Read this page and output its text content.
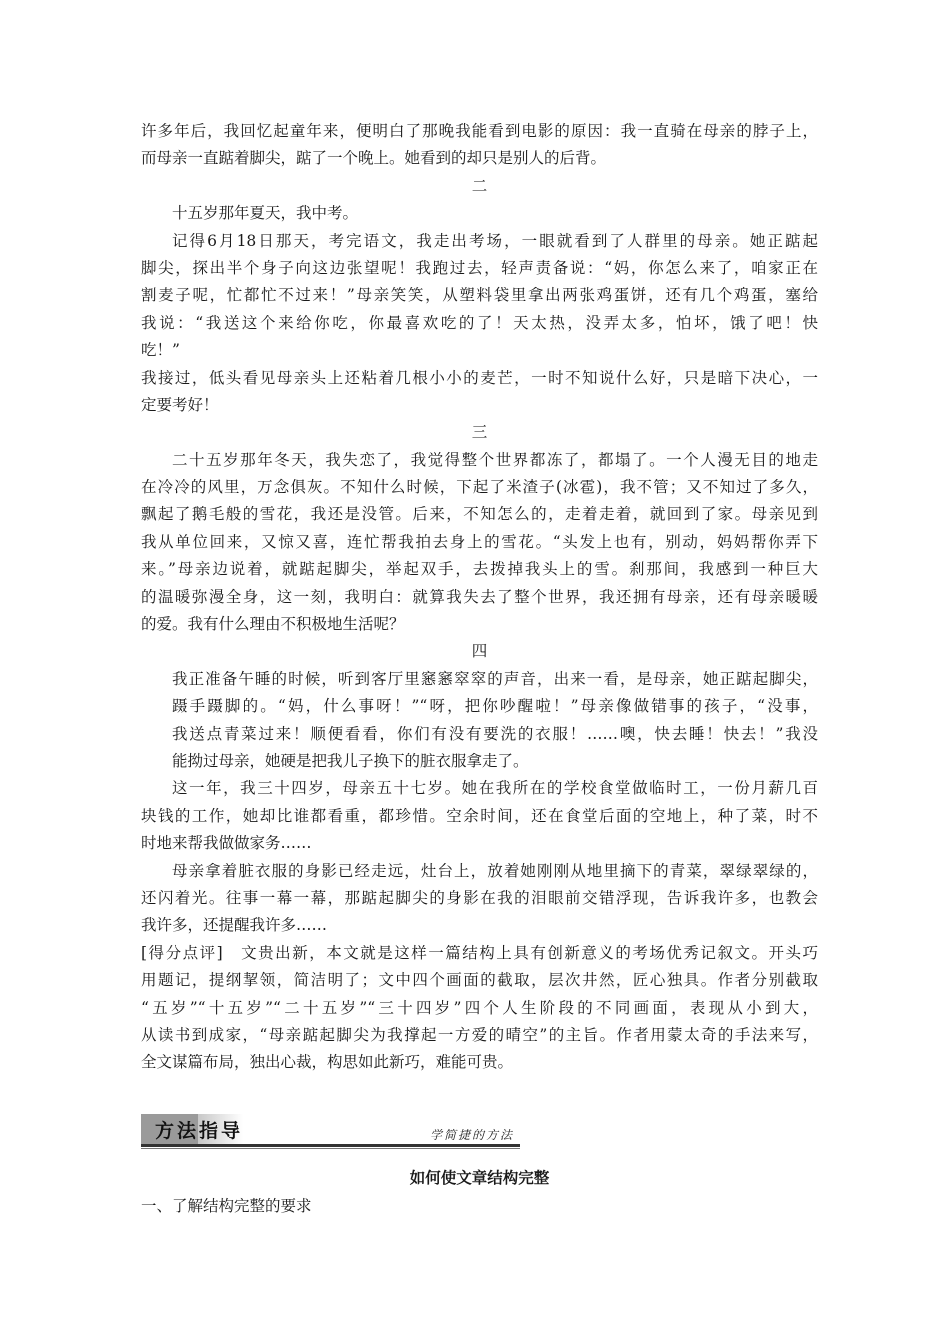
许多年后，我回忆起童年来，便明白了那晚我能看到电影的原因：我一直骑在母亲的脖子上，
而母亲一直踮着脚尖，踮了一个晚上。她看到的却只是别人的后背。
二
十五岁那年夏天，我中考。
记得6月18日那天，考完语文，我走出考场，一眼就看到了人群里的母亲。她正踮起
脚尖，探出半个身子向这边张望呢！我跑过去，轻声责备说：“妈，你怎么来了，咱家正在
割麦子呢，忙都忙不过来！”母亲笑笑，从塑料袋里拿出两张鸡蛋饼，还有几个鸡蛋，塞给
我说：“我送这个来给你吃，你最喜欢吃的了！天太热，没弄太多，怕坏，饿了吧！快
吃！”
我接过，低头看见母亲头上还粘着几根小小的麦芒，一时不知说什么好，只是暗下决心，一
定要考好！
三
二十五岁那年冬天，我失恋了，我觉得整个世界都冻了，都塌了。一个人漫无目的地走
在冷冷的风里，万念俱灰。不知什么时候，下起了米渣子(冰雹)，我不管；又不知过了多久，
飘起了鹅毛般的雪花，我还是没管。后来，不知怎么的，走着走着，就回到了家。母亲见到
我从单位回来，又惊又喜，连忙帮我拍去身上的雪花。“头发上也有，别动，妈妈帮你弄下
来。”母亲边说着，就踮起脚尖，举起双手，去拨掉我头上的雪。刹那间，我感到一种巨大
的温暖弥漫全身，这一刻，我明白：就算我失去了整个世界，我还拥有母亲，还有母亲暖暖
的爱。我有什么理由不积极地生活呢？
四
我正准备午睡的时候，听到客厅里窸窸窣窣的声音，出来一看，是母亲，她正踮起脚尖，
蹑手蹑脚的。“妈，什么事呀！”“呀，把你吵醒啦！”母亲像做错事的孩子，“没事，
我送点青菜过来！顺便看看，你们有没有要洗的衣服！……噢，快去睡！快去！”我没
能拗过母亲，她硬是把我儿子换下的脏衣服拿走了。
这一年，我三十四岁，母亲五十七岁。她在我所在的学校食堂做临时工，一份月薪几百
块钱的工作，她却比谁都看重，都珍惜。空余时间，还在食堂后面的空地上，种了菜，时不
时地来帮我做做家务……
母亲拿着脏衣服的身影已经走远，灶台上，放着她刚刚从地里摘下的青菜，翠绿翠绿的，
还闪着光。往事一幕一幕，那踮起脚尖的身影在我的泪眼前交错浮现，告诉我许多，也教会
我许多，还提醒我许多……
[得分点评]　文贵出新，本文就是这样一篇结构上具有创新意义的考场优秀记叙文。开头巧
用题记，提纲挈领，简洁明了；文中四个画面的截取，层次井然，匠心独具。作者分别截取
“五岁”“十五岁”“二十五岁”“三十四岁”四个人生阶段的不同画面，表现从小到大，
从读书到成家，“母亲踮起脚尖为我撑起一方爱的晴空”的主旨。作者用蒙太奇的手法来写，
全文谋篇布局，独出心裁，构思如此新巧，难能可贵。
方法指导	学简捷的方法
如何使文章结构完整
一、了解结构完整的要求
